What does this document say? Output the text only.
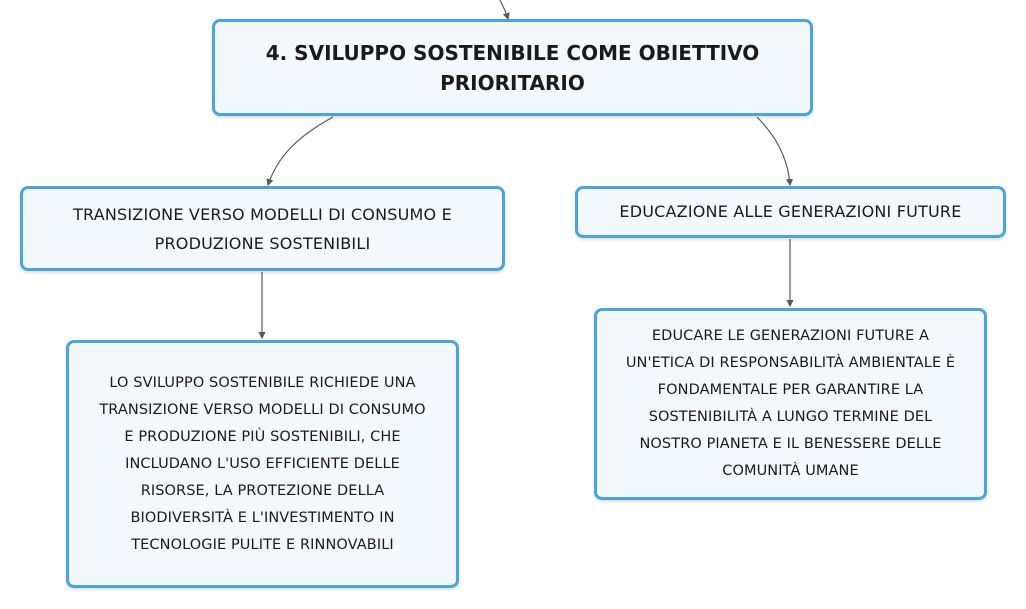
4. SVILUPPO SOSTENIBILE COME OBIETTIVO
PRIORITARIO
TRANSIZIONE VERSO MODELLI DI CONSUMO E
PRODUZIONE SOSTENIBILI
EDUCAZIONE ALLE GENERAZIONI FUTURE
LO SVILUPPO SOSTENIBILE RICHIEDE UNA
TRANSIZIONE VERSO MODELLI DI CONSUMO
E PRODUZIONE PIÙ SOSTENIBILI, CHE
INCLUDANO L'USO EFFICIENTE DELLE
RISORSE, LA PROTEZIONE DELLA
BIODIVERSITÀ E L'INVESTIMENTO IN
TECNOLOGIE PULITE E RINNOVABILI
EDUCARE LE GENERAZIONI FUTURE A
UN'ETICA DI RESPONSABILITÀ AMBIENTALE È
FONDAMENTALE PER GARANTIRE LA
SOSTENIBILITÀ A LUNGO TERMINE DEL
NOSTRO PIANETA E IL BENESSERE DELLE
COMUNITÀ UMANE
